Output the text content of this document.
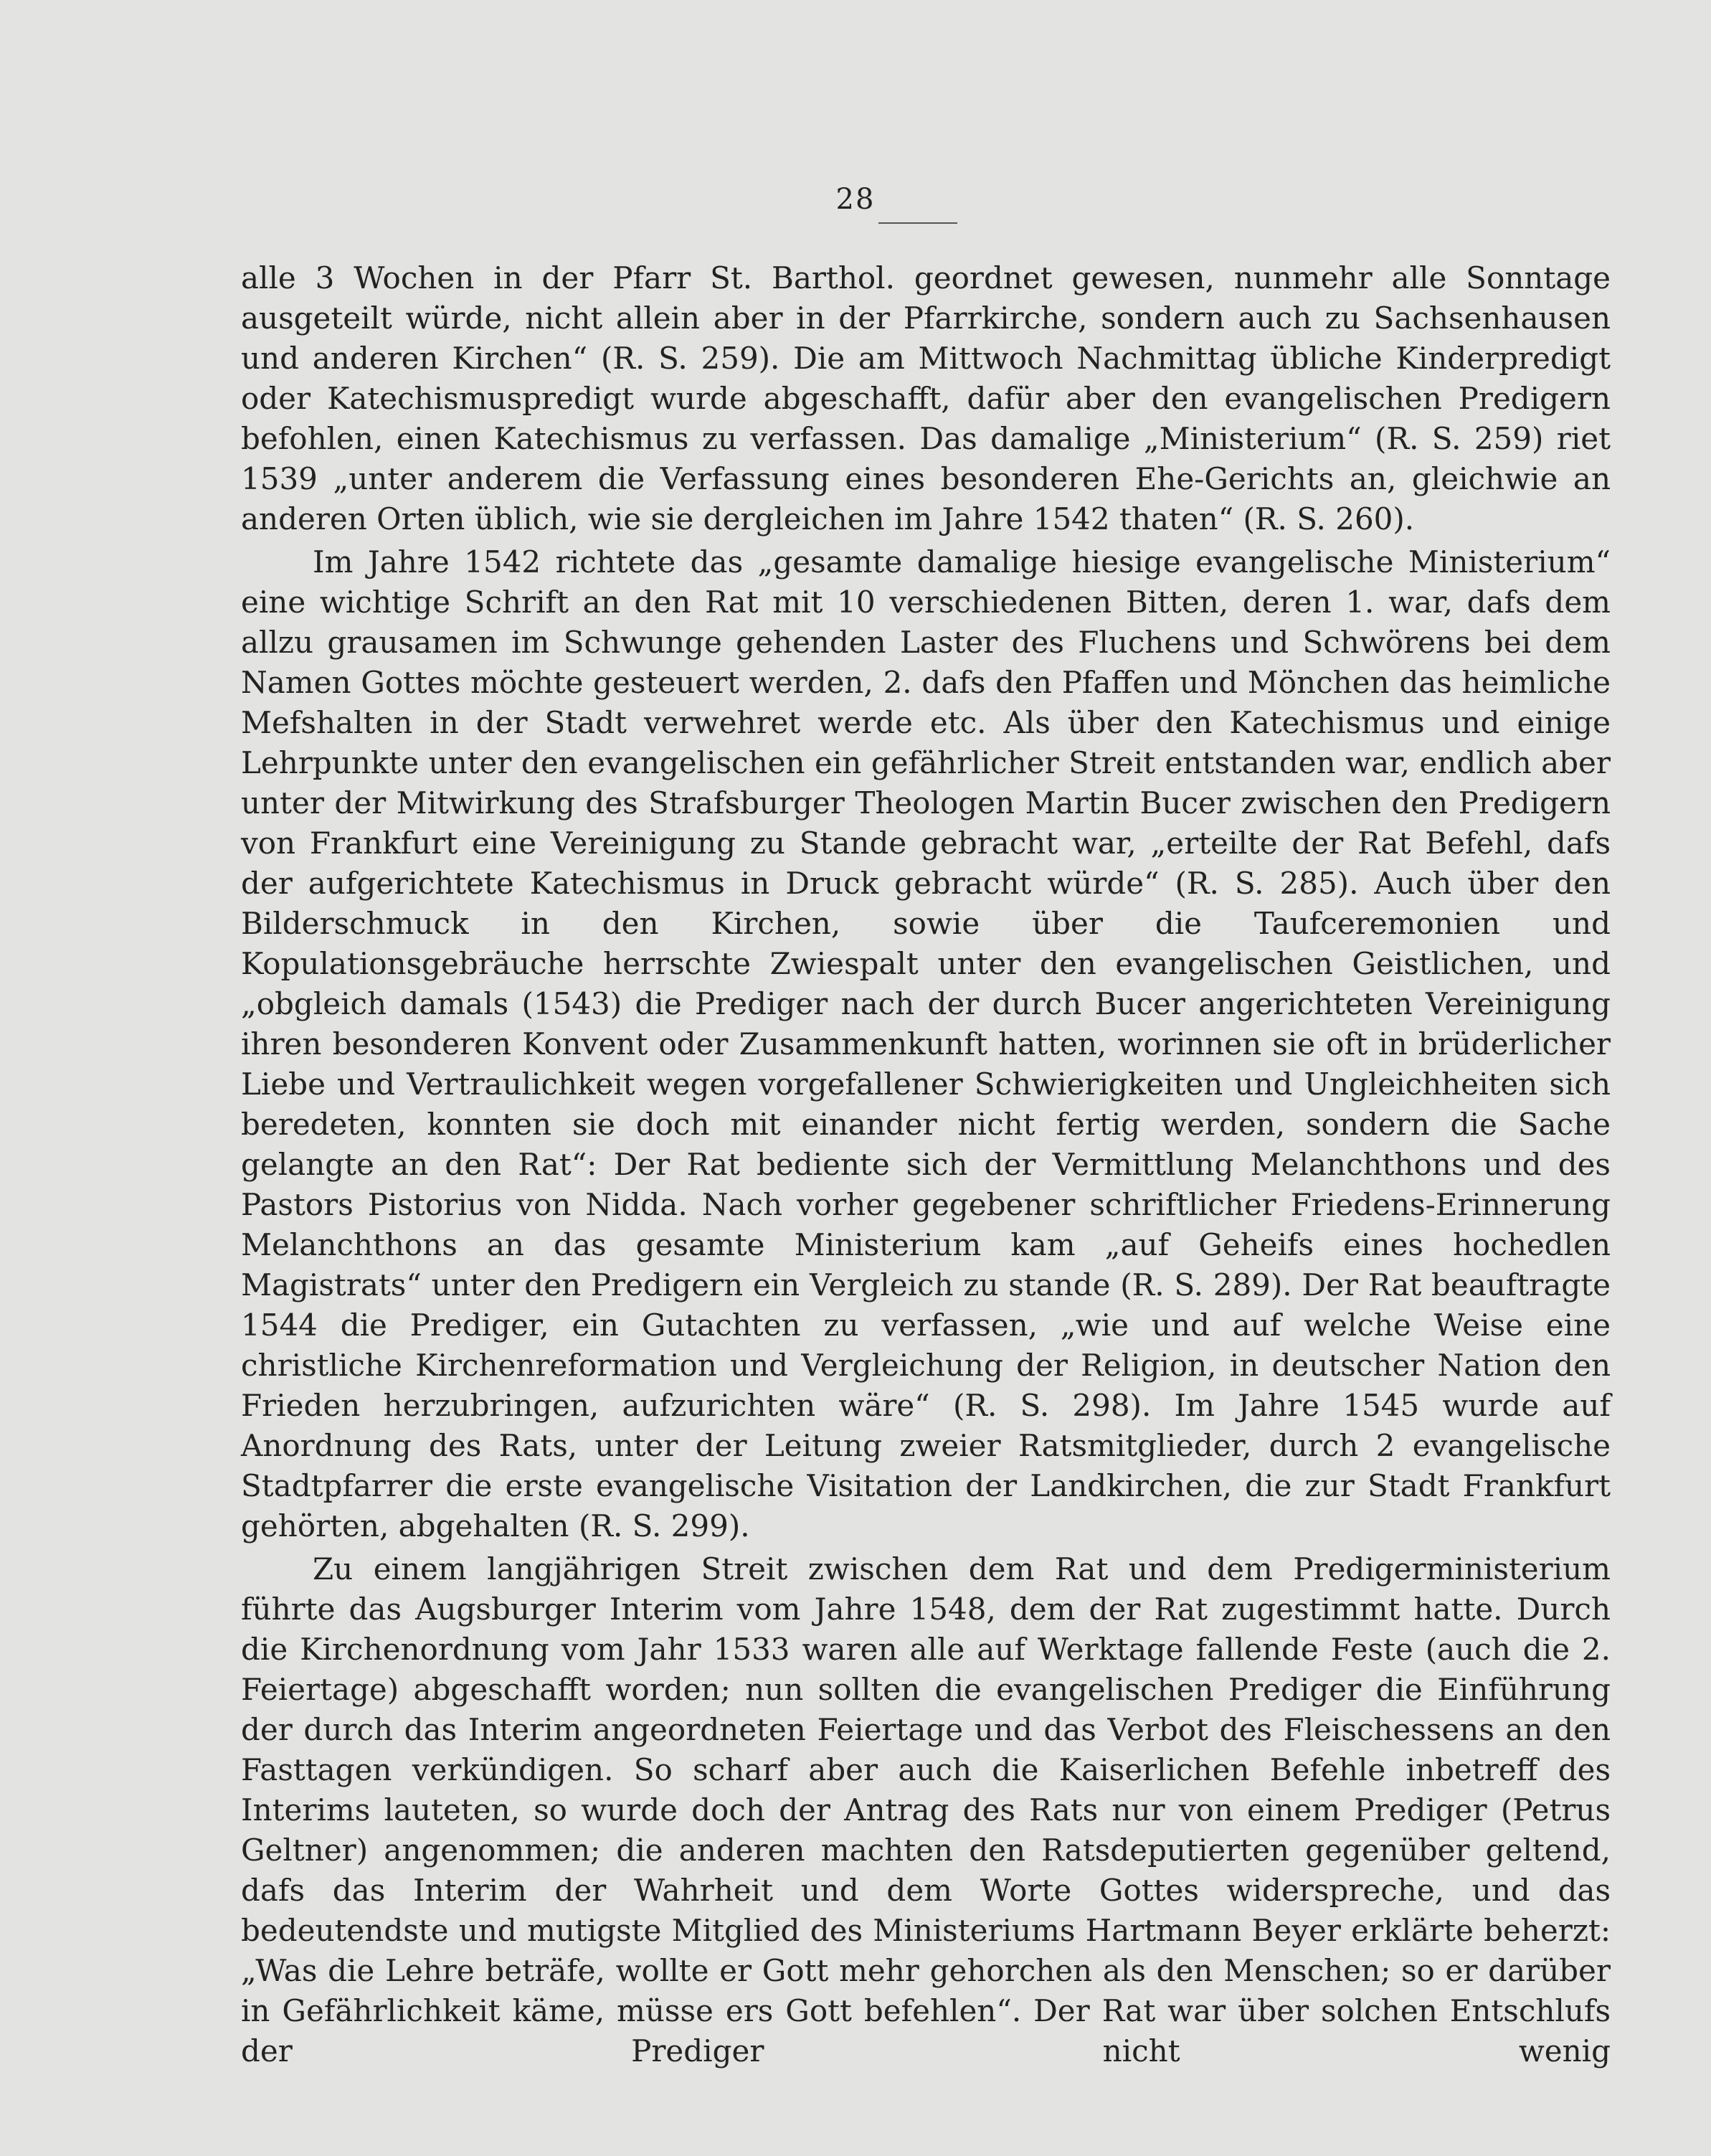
28

alle 3 Wochen in der Pfarr St. Barthol. geordnet gewesen, nunmehr alle Sonntage ausgeteilt würde, nicht allein aber in der Pfarrkirche, sondern auch zu Sachsenhausen und anderen Kirchen“ (R. S. 259). Die am Mittwoch Nachmittag übliche Kinderpredigt oder Katechismuspredigt wurde abgeschafft, dafür aber den evangelischen Predigern befohlen, einen Katechismus zu verfassen. Das damalige „Ministerium“ (R. S. 259) riet 1539 „unter anderem die Verfassung eines besonderen Ehe-Gerichts an, gleichwie an anderen Orten üblich, wie sie dergleichen im Jahre 1542 thaten“ (R. S. 260).

Im Jahre 1542 richtete das „gesamte damalige hiesige evangelische Ministerium“ eine wichtige Schrift an den Rat mit 10 verschiedenen Bitten, deren 1. war, dafs dem allzu grausamen im Schwunge gehenden Laster des Fluchens und Schwörens bei dem Namen Gottes möchte gesteuert werden, 2. dafs den Pfaffen und Mönchen das heimliche Mefshalten in der Stadt verwehret werde etc. Als über den Katechismus und einige Lehrpunkte unter den evangelischen ein gefährlicher Streit entstanden war, endlich aber unter der Mitwirkung des Strafsburger Theologen Martin Bucer zwischen den Predigern von Frankfurt eine Vereinigung zu Stande gebracht war, „erteilte der Rat Befehl, dafs der aufgerichtete Katechismus in Druck gebracht würde“ (R. S. 285). Auch über den Bilderschmuck in den Kirchen, sowie über die Taufceremonien und Kopulationsgebräuche herrschte Zwiespalt unter den evangelischen Geistlichen, und „obgleich damals (1543) die Prediger nach der durch Bucer angerichteten Vereinigung ihren besonderen Konvent oder Zusammenkunft hatten, worinnen sie oft in brüderlicher Liebe und Vertraulichkeit wegen vorgefallener Schwierigkeiten und Ungleichheiten sich beredeten, konnten sie doch mit einander nicht fertig werden, sondern die Sache gelangte an den Rat“: Der Rat bediente sich der Vermittlung Melanchthons und des Pastors Pistorius von Nidda. Nach vorher gegebener schriftlicher Friedens-Erinnerung Melanchthons an das gesamte Ministerium kam „auf Geheifs eines hochedlen Magistrats“ unter den Predigern ein Vergleich zu stande (R. S. 289). Der Rat beauftragte 1544 die Prediger, ein Gutachten zu verfassen, „wie und auf welche Weise eine christliche Kirchenreformation und Vergleichung der Religion, in deutscher Nation den Frieden herzubringen, aufzurichten wäre“ (R. S. 298). Im Jahre 1545 wurde auf Anordnung des Rats, unter der Leitung zweier Ratsmitglieder, durch 2 evangelische Stadtpfarrer die erste evangelische Visitation der Landkirchen, die zur Stadt Frankfurt gehörten, abgehalten (R. S. 299).

Zu einem langjährigen Streit zwischen dem Rat und dem Predigerministerium führte das Augsburger Interim vom Jahre 1548, dem der Rat zugestimmt hatte. Durch die Kirchenordnung vom Jahr 1533 waren alle auf Werktage fallende Feste (auch die 2. Feiertage) abgeschafft worden; nun sollten die evangelischen Prediger die Einführung der durch das Interim angeordneten Feiertage und das Verbot des Fleischessens an den Fasttagen verkündigen. So scharf aber auch die Kaiserlichen Befehle inbetreff des Interims lauteten, so wurde doch der Antrag des Rats nur von einem Prediger (Petrus Geltner) angenommen; die anderen machten den Ratsdeputierten gegenüber geltend, dafs das Interim der Wahrheit und dem Worte Gottes widerspreche, und das bedeutendste und mutigste Mitglied des Ministeriums Hartmann Beyer erklärte beherzt: „Was die Lehre beträfe, wollte er Gott mehr gehorchen als den Menschen; so er darüber in Gefährlichkeit käme, müsse ers Gott befehlen“. Der Rat war über solchen Entschlufs der Prediger nicht wenig
